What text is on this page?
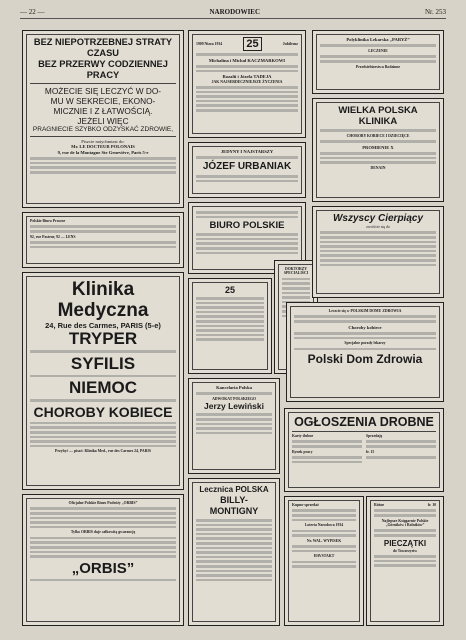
— 22 —	NARODOWIEC	Nr. 253
BEZ NIEPOTRZEBNEJ STRATY CZASU
BEZ PRZERWY CODZIENNEJ PRACY
MOŻECIE SIĘ LECZYĆ W DO-
MU W SEKRECIE, EKONO-
MICZNIE I Z ŁATWOŚCIĄ.
JEŻELI WIĘC
PRAGNIECIE SZYBKO ODZYSKAĆ ZDROWIE,
Piszcie natychmiast do:
Mr. LE DOCTEUR POLONAIS
9, rue de la Montagne Ste Geneviève, Paris 5-e
Polskie Biuro Prawne
92, rue Pasteur, 92 — LENS
Klinika Medyczna
24, Rue des Carmes, PARIS (5-e)
TRYPER
SYFILIS
NIEMOC
CHOROBY KOBIECE
Przybyć — pisać: Klinika Med., rue des Carmes 24, PARIS
Oficjalne Polskie Biuro Podróży „ORBIS”
Tylko ORBIS daje całkowitą gwarancję
„ORBIS”
1909 Nizza 1934 25	Jubileusz
Michalina i Michał KACZMARKOWI
Rozalii i Józefa TADEJA
JAK NAJSERDECZNIEJSZE ŻYCZENIA
JEDYNY I NAJSTARSZY
JÓZEF URBANIAK
BIURO POLSKIE
25
DOKTORZY SPECIALIŚCI
Kancelaria Polska
ADWOKAT POLSKIEGO
Jerzy Lewiński
Lecznica POLSKA
BILLY-MONTIGNY
Polyklinika Lekarska „PARYŻ”
LECZENIE
Przedsiebiorstwa Rodzinne
WIELKA POLSKA KLINIKA
CHOROBY KOBIECE I DZIECIĘCE
PROMIENIE X
DENAIN
Wszyscy Cierpiący
zwróćcie się do
Leczcie się w POLSKIM DOMU ZDROWIA
Choroby kobiece
Specjalne porady lekarzy
Polski Dom Zdrowia
OGŁOSZENIA DROBNE
Karty ślubne
Rynek pracy
Sprzedaję
fr. 15
Kupno-sprzedaż
Loteria Narodowa 1934
Nr. WAL. WYPISEK
HAVSTAKT
Różne	fr. 10
Najlepsze Księgarnie Polskie
„Górników i Rolników”
PIECZĄTKI
do Towarzystw
